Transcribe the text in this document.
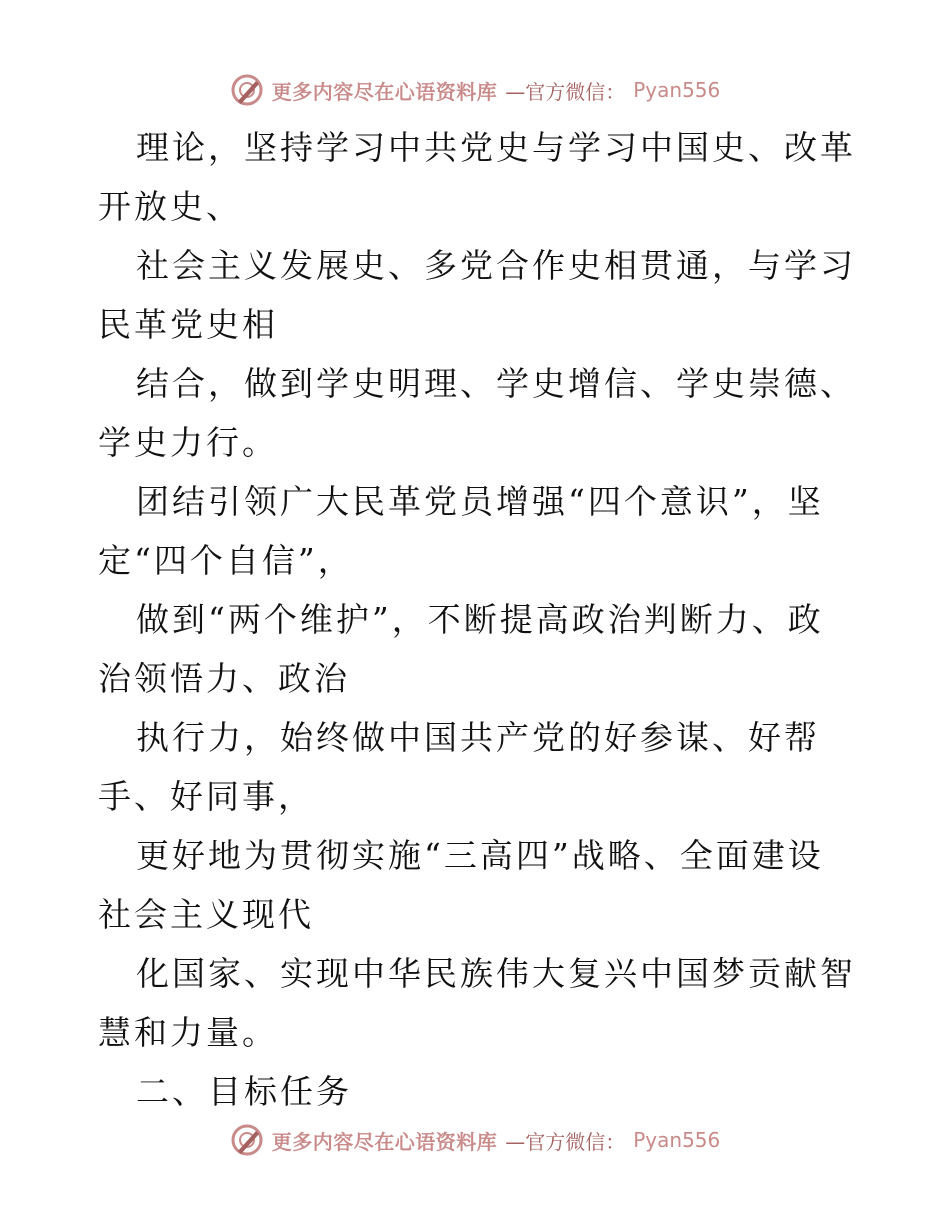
更多内容尽在心语资料库 —官方微信： Pyan556

理论，坚持学习中共党史与学习中国史、改革开放史、

社会主义发展史、多党合作史相贯通，与学习民革党史相

结合，做到学史明理、学史增信、学史崇德、学史力行。

团结引领广大民革党员增强“四个意识”，坚定“四个自信”，

做到“两个维护”，不断提高政治判断力、政治领悟力、政治

执行力，始终做中国共产党的好参谋、好帮手、好同事，

更好地为贯彻实施“三高四”战略、全面建设社会主义现代

化国家、实现中华民族伟大复兴中国梦贡献智慧和力量。

二、目标任务

更多内容尽在心语资料库 —官方微信： Pyan556
